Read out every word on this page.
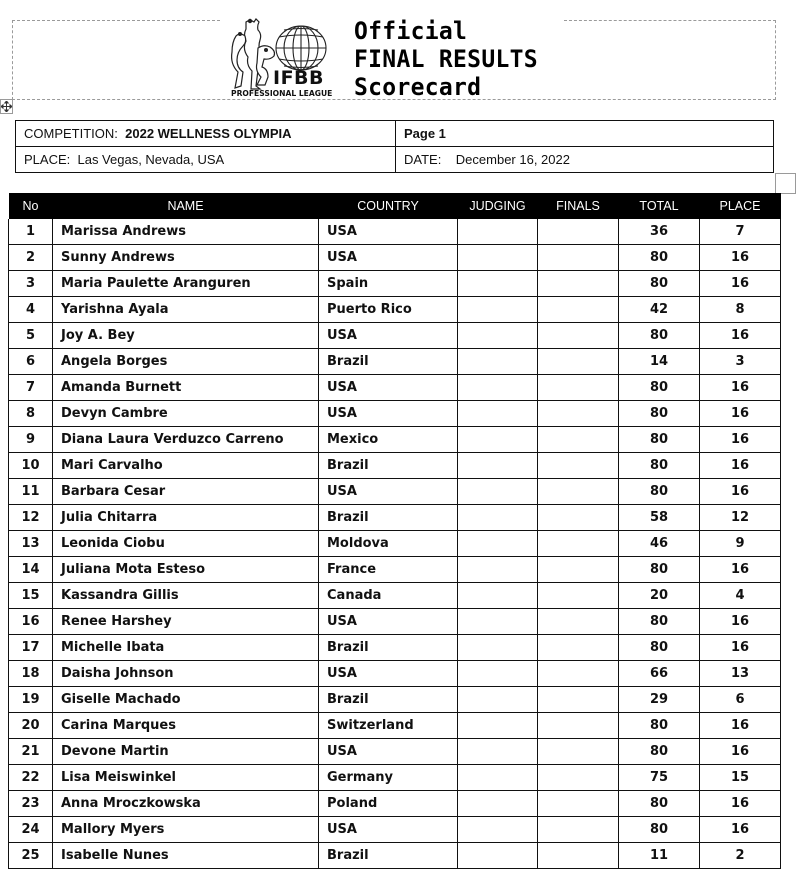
IFBB
PROFESSIONAL LEAGUE
Official
FINAL RESULTS
Scorecard
COMPETITION: 2022 WELLNESS OLYMPIA	Page 1
PLACE: Las Vegas, Nevada, USA	DATE: December 16, 2022
No	NAME	COUNTRY	JUDGING	FINALS	TOTAL	PLACE
1	Marissa Andrews	USA			36	7
2	Sunny Andrews	USA			80	16
3	Maria Paulette Aranguren	Spain			80	16
4	Yarishna Ayala	Puerto Rico			42	8
5	Joy A. Bey	USA			80	16
6	Angela Borges	Brazil			14	3
7	Amanda Burnett	USA			80	16
8	Devyn Cambre	USA			80	16
9	Diana Laura Verduzco Carreno	Mexico			80	16
10	Mari Carvalho	Brazil			80	16
11	Barbara Cesar	USA			80	16
12	Julia Chitarra	Brazil			58	12
13	Leonida Ciobu	Moldova			46	9
14	Juliana Mota Esteso	France			80	16
15	Kassandra Gillis	Canada			20	4
16	Renee Harshey	USA			80	16
17	Michelle Ibata	Brazil			80	16
18	Daisha Johnson	USA			66	13
19	Giselle Machado	Brazil			29	6
20	Carina Marques	Switzerland			80	16
21	Devone Martin	USA			80	16
22	Lisa Meiswinkel	Germany			75	15
23	Anna Mroczkowska	Poland			80	16
24	Mallory Myers	USA			80	16
25	Isabelle Nunes	Brazil			11	2
